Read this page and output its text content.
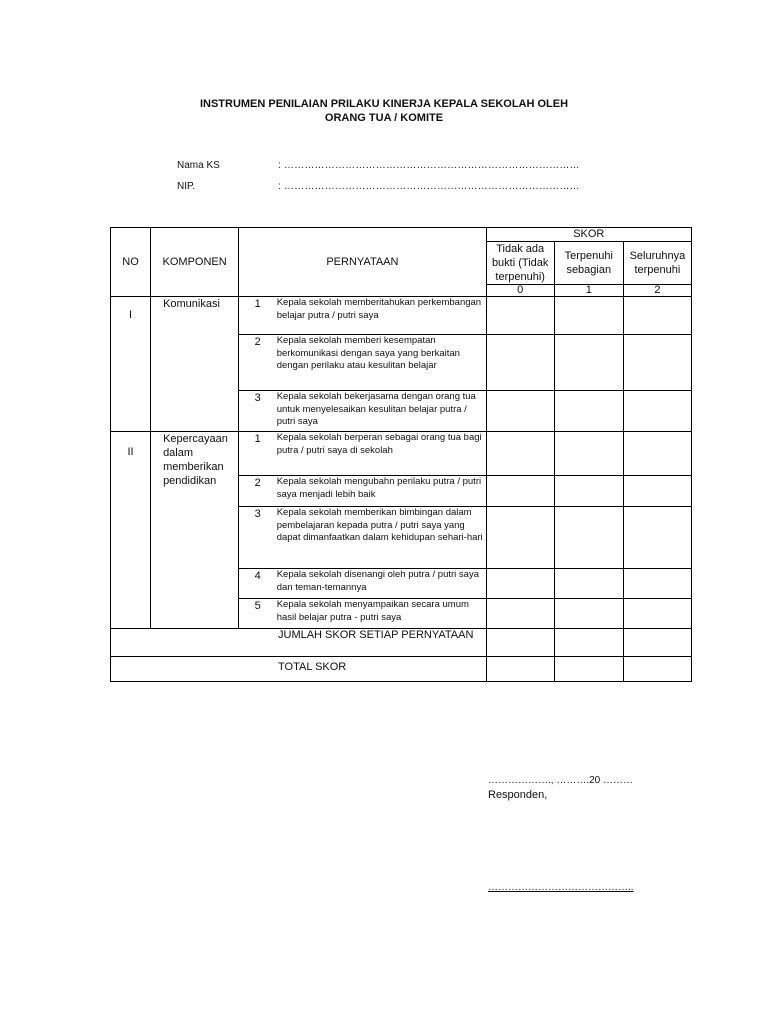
INSTRUMEN PENILAIAN PRILAKU KINERJA KEPALA SEKOLAH OLEH
ORANG TUA / KOMITE
Nama KS	: ……………………………………………………………………………
NIP.	: ……………………………………………………………………………
NO	KOMPONEN	PERNYATAAN	SKOR		
			Tidak ada bukti (Tidak terpenuhi)	Terpenuhi sebagian	Seluruhnya terpenuhi
			0	1	2
I	Komunikasi		1 Kepala sekolah memberitahukan perkembangan belajar putra / putri saya			

		2 Kepala sekolah memberi kesempatan berkomunikasi dengan saya yang berkaitan dengan perilaku atau kesulitan belajar			

		3 Kepala sekolah bekerjasama dengan orang tua untuk menyelesaikan kesulitan belajar putra / putri saya			

II	Kepercayaan dalam memberikan pendidikan		1 Kepala sekolah berperan sebagai orang tua bagi putra / putri saya di sekolah			

		2 Kepala sekolah mengubahn perilaku putra / putri saya menjadi lebih baik			

		3 Kepala sekolah memberikan bimbingan dalam pembelajaran kepada putra / putri saya yang dapat dimanfaatkan dalam kehidupan sehari-hari			

		4 Kepala sekolah disenangi oleh putra / putri saya dan teman-temannya			

		5 Kepala sekolah menyampaikan secara umum hasil belajar putra - putri saya			

JUMLAH SKOR SETIAP PERNYATAAN					
TOTAL SKOR					
………………., ……….20 ………
Responden,
……………………………………..
